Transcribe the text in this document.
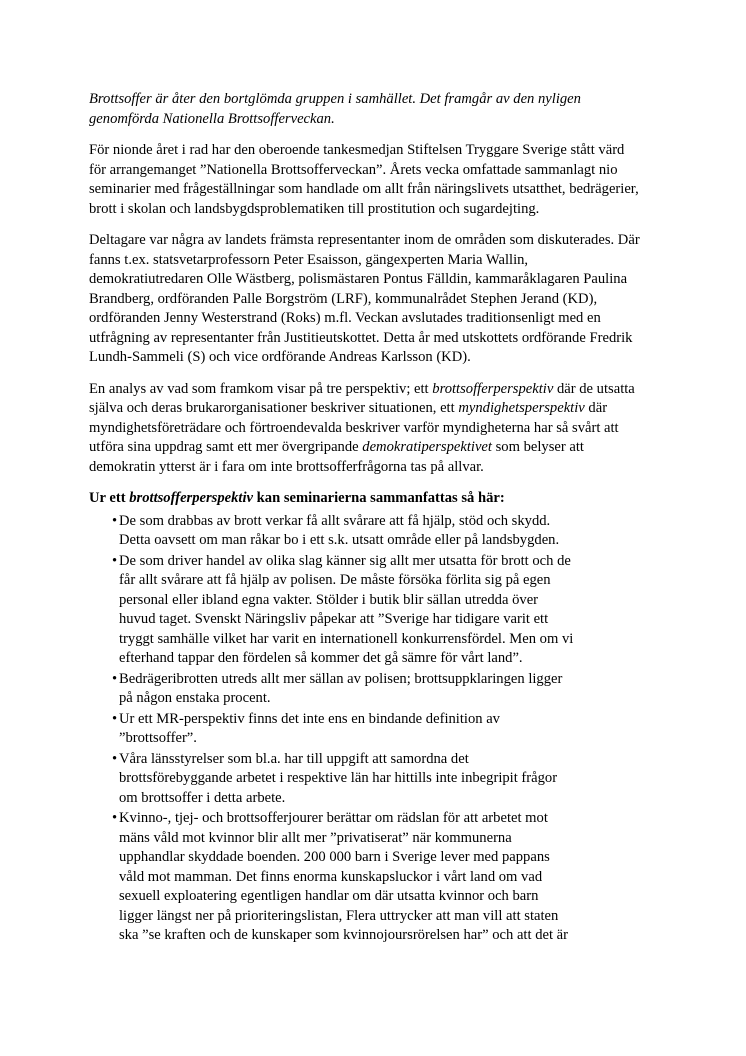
Brottsoffer är åter den bortglömda gruppen i samhället. Det framgår av den nyligen
genomförda Nationella Brottsofferveckan.

För nionde året i rad har den oberoende tankesmedjan Stiftelsen Tryggare Sverige stått värd
för arrangemanget ”Nationella Brottsofferveckan”. Årets vecka omfattade sammanlagt nio
seminarier med frågeställningar som handlade om allt från näringslivets utsatthet, bedrägerier,
brott i skolan och landsbygdsproblematiken till prostitution och sugardejting.

Deltagare var några av landets främsta representanter inom de områden som diskuterades. Där
fanns t.ex. statsvetarprofessorn Peter Esaisson, gängexperten Maria Wallin,
demokratiutredaren Olle Wästberg, polismästaren Pontus Fälldin, kammaråklagaren Paulina
Brandberg, ordföranden Palle Borgström (LRF), kommunalrådet Stephen Jerand (KD),
ordföranden Jenny Westerstrand (Roks) m.fl. Veckan avslutades traditionsenligt med en
utfrågning av representanter från Justitieutskottet. Detta år med utskottets ordförande Fredrik
Lundh-Sammeli (S) och vice ordförande Andreas Karlsson (KD).

En analys av vad som framkom visar på tre perspektiv; ett brottsofferperspektiv där de utsatta
själva och deras brukarorganisationer beskriver situationen, ett myndighetsperspektiv där
myndighetsföreträdare och förtroendevalda beskriver varför myndigheterna har så svårt att
utföra sina uppdrag samt ett mer övergripande demokratiperspektivet som belyser att
demokratin ytterst är i fara om inte brottsofferfrågorna tas på allvar.

Ur ett brottsofferperspektiv kan seminarierna sammanfattas så här:

• De som drabbas av brott verkar få allt svårare att få hjälp, stöd och skydd.
Detta oavsett om man råkar bo i ett s.k. utsatt område eller på landsbygden.
• De som driver handel av olika slag känner sig allt mer utsatta för brott och de
får allt svårare att få hjälp av polisen. De måste försöka förlita sig på egen
personal eller ibland egna vakter. Stölder i butik blir sällan utredda över
huvud taget. Svenskt Näringsliv påpekar att ”Sverige har tidigare varit ett
tryggt samhälle vilket har varit en internationell konkurrensfördel. Men om vi
efterhand tappar den fördelen så kommer det gå sämre för vårt land”.
• Bedrägeribrotten utreds allt mer sällan av polisen; brottsuppklaringen ligger
på någon enstaka procent.
• Ur ett MR-perspektiv finns det inte ens en bindande definition av
”brottsoffer”.
• Våra länsstyrelser som bl.a. har till uppgift att samordna det
brottsförebyggande arbetet i respektive län har hittills inte inbegripit frågor
om brottsoffer i detta arbete.
• Kvinno-, tjej- och brottsofferjourer berättar om rädslan för att arbetet mot
mäns våld mot kvinnor blir allt mer ”privatiserat” när kommunerna
upphandlar skyddade boenden. 200 000 barn i Sverige lever med pappans
våld mot mamman. Det finns enorma kunskapsluckor i vårt land om vad
sexuell exploatering egentligen handlar om där utsatta kvinnor och barn
ligger längst ner på prioriteringslistan, Flera uttrycker att man vill att staten
ska ”se kraften och de kunskaper som kvinnojoursrörelsen har” och att det är
